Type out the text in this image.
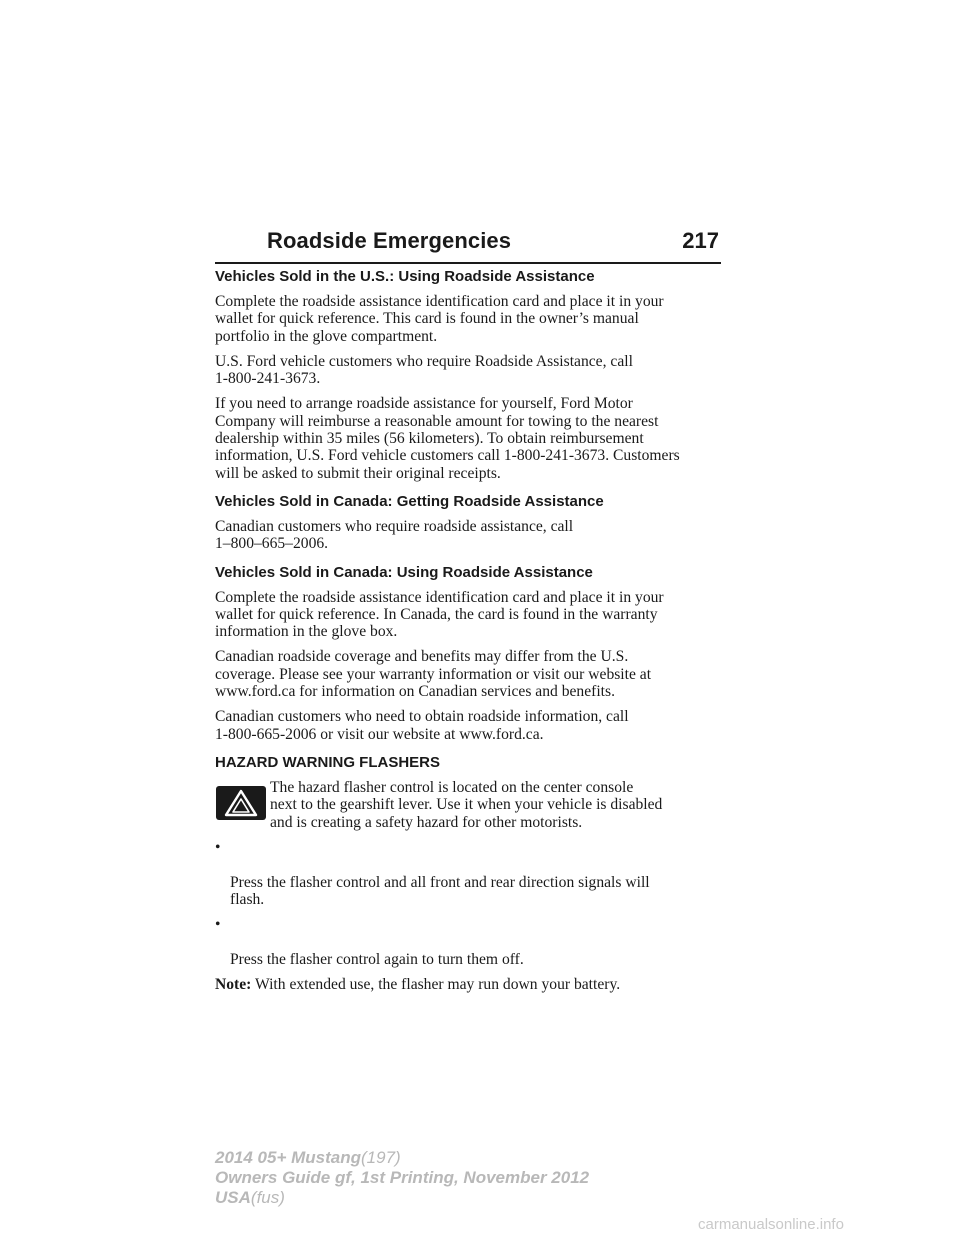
Roadside Emergencies	217
Vehicles Sold in the U.S.: Using Roadside Assistance
Complete the roadside assistance identification card and place it in your
wallet for quick reference. This card is found in the owner’s manual
portfolio in the glove compartment.
U.S. Ford vehicle customers who require Roadside Assistance, call
1-800-241-3673.
If you need to arrange roadside assistance for yourself, Ford Motor
Company will reimburse a reasonable amount for towing to the nearest
dealership within 35 miles (56 kilometers). To obtain reimbursement
information, U.S. Ford vehicle customers call 1-800-241-3673. Customers
will be asked to submit their original receipts.
Vehicles Sold in Canada: Getting Roadside Assistance
Canadian customers who require roadside assistance, call
1–800–665–2006.
Vehicles Sold in Canada: Using Roadside Assistance
Complete the roadside assistance identification card and place it in your
wallet for quick reference. In Canada, the card is found in the warranty
information in the glove box.
Canadian roadside coverage and benefits may differ from the U.S.
coverage. Please see your warranty information or visit our website at
www.ford.ca for information on Canadian services and benefits.
Canadian customers who need to obtain roadside information, call
1-800-665-2006 or visit our website at www.ford.ca.
HAZARD WARNING FLASHERS
The hazard flasher control is located on the center console
next to the gearshift lever. Use it when your vehicle is disabled
and is creating a safety hazard for other motorists.

•

Press the flasher control and all front and rear direction signals will
flash.

•

Press the flasher control again to turn them off.

Note: With extended use, the flasher may run down your battery.

2014 05+ Mustang(197)
Owners Guide gf, 1st Printing, November 2012
USA(fus)
carmanualsonline.info
